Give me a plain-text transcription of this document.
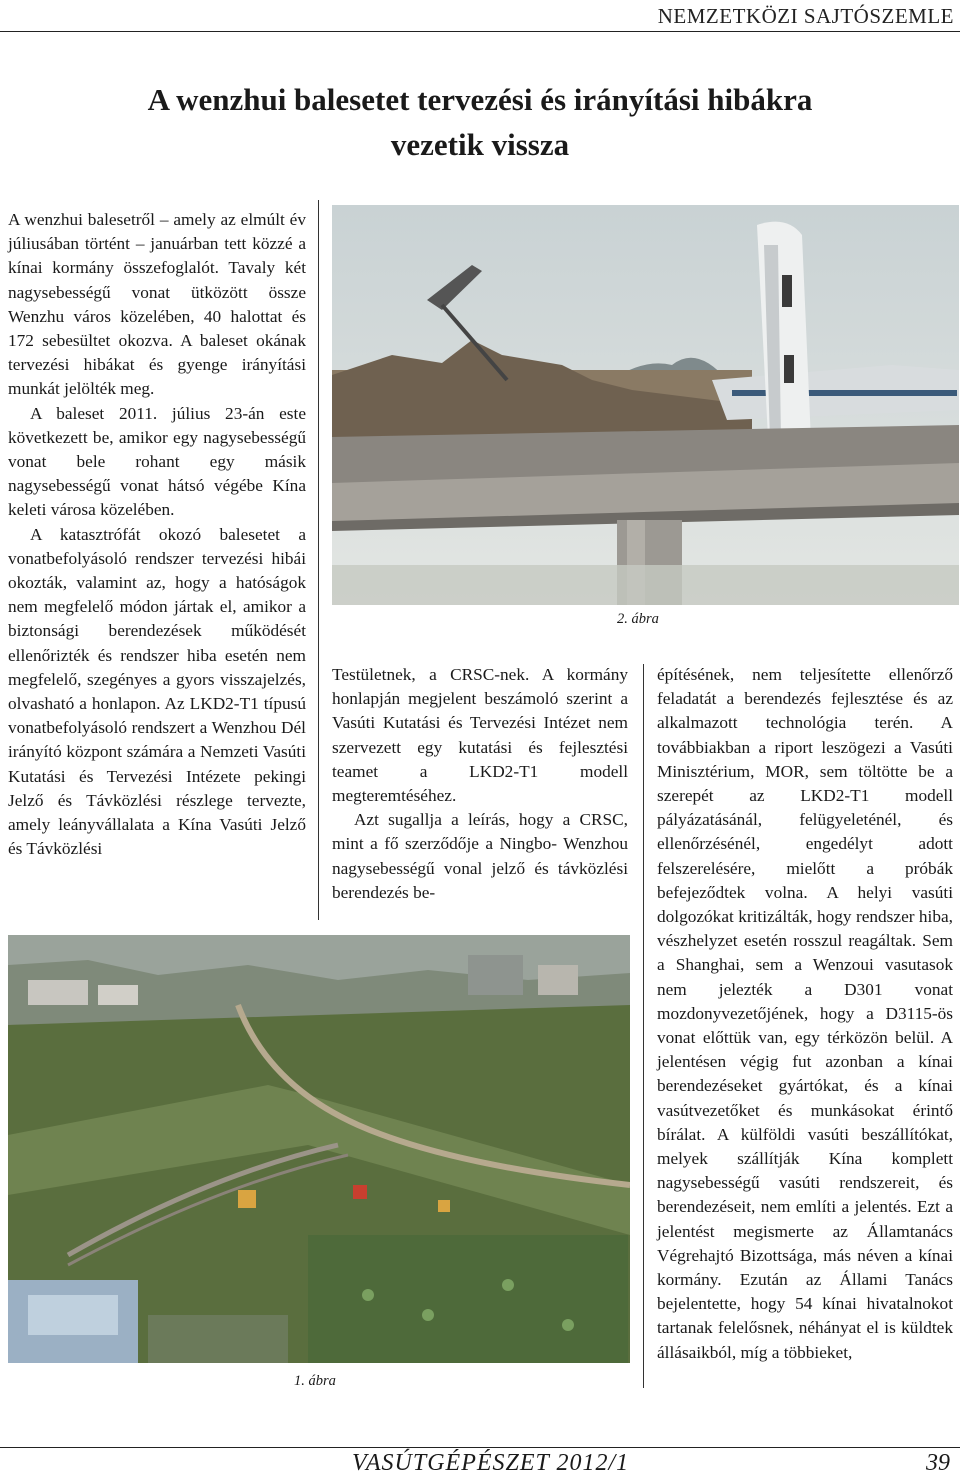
NEMZETKÖZI SAJTÓSZEMLE
A wenzhui balesetet tervezési és irányítási hibákra
vezetik vissza

A wenzhui balesetről – amely az elmúlt év júliusában történt – januárban tett közzé a kínai kormány összefoglalót. Tavaly két nagysebességű vonat ütközött össze Wenzhu város közelében, 40 halottat és 172 sebesültet okozva. A baleset okának tervezési hibákat és gyenge irányítási munkát jelölték meg.

A baleset 2011. július 23-án este következett be, amikor egy nagysebességű vonat bele rohant egy másik nagysebességű vonat hátsó végébe Kína keleti városa közelében.

A katasztrófát okozó balesetet a vonatbefolyásoló rendszer tervezési hibái okozták, valamint az, hogy a hatóságok nem megfelelő módon jártak el, amikor a biztonsági berendezések működését ellenőrizték és rendszer hiba esetén nem megfelelő, szegényes a gyors visszajelzés, olvasható a honlapon. Az LKD2-T1 típusú vonatbefolyásoló rendszert a Wenzhou Dél irányító központ számára a Nemzeti Vasúti Kutatási és Tervezési Intézete pekingi Jelző és Távközlési részlege tervezte, amely leányvállalata a Kína Vasúti Jelző és Távközlési

2. ábra

Testületnek, a CRSC-nek. A kormány honlapján megjelent beszámoló szerint a Vasúti Kutatási és Tervezési Intézet nem szervezett egy kutatási és fejlesztési teamet a LKD2-T1 modell megteremtéséhez.

Azt sugallja a leírás, hogy a CRSC, mint a fő szerződője a Ningbo- Wenzhou nagysebességű vonal jelző és távközlési berendezés be-

építésének, nem teljesítette ellenőrző feladatát a berendezés fejlesztése és az alkalmazott technológia terén. A továbbiakban a riport leszögezi a Vasúti Minisztérium, MOR, sem töltötte be a szerepét az LKD2-T1 modell pályázatásánál, felügyeleténél, és ellenőrzésénél, engedélyt adott felszerelésére, mielőtt a próbák befejeződtek volna. A helyi vasúti dolgozókat kritizálták, hogy rendszer hiba, vészhelyzet esetén rosszul reagáltak. Sem a Shanghai, sem a Wenzoui vasutasok nem jelezték a D301 vonat mozdonyvezetőjének, hogy a D3115-ös vonat előttük van, egy térközön belül. A jelentésen végig fut azonban a kínai berendezéseket gyártókat, és a kínai vasútvezetőket és munkásokat érintő bírálat. A külföldi vasúti beszállítókat, melyek szállítják Kína komplett nagysebességű vasúti rendszereit, és berendezéseit, nem említi a jelentés. Ezt a jelentést megismerte az Államtanács Végrehajtó Bizottsága, más néven a kínai kormány. Ezután az Állami Tanács bejelentette, hogy 54 kínai hivatalnokot tartanak felelősnek, néhányat el is küldtek állásaikból, míg a többieket,

1. ábra
VASÚTGÉPÉSZET 2012/1	39
